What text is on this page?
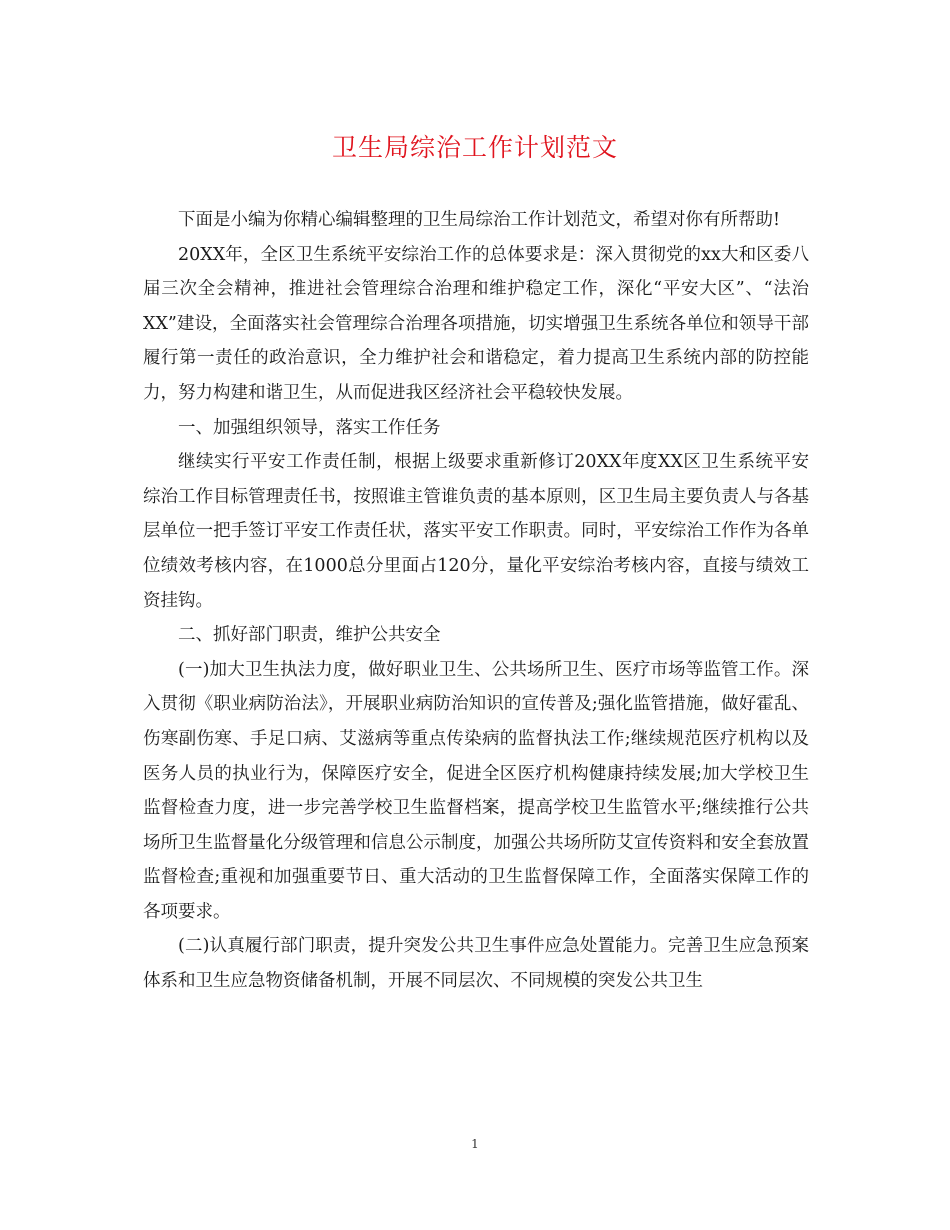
卫生局综治工作计划范文

下面是小编为你精心编辑整理的卫生局综治工作计划范文，希望对你有所帮助!

20XX年，全区卫生系统平安综治工作的总体要求是：深入贯彻党的xx大和区委八届三次全会精神，推进社会管理综合治理和维护稳定工作，深化“平安大区”、“法治XX”建设，全面落实社会管理综合治理各项措施，切实增强卫生系统各单位和领导干部履行第一责任的政治意识，全力维护社会和谐稳定，着力提高卫生系统内部的防控能力，努力构建和谐卫生，从而促进我区经济社会平稳较快发展。

一、加强组织领导，落实工作任务

继续实行平安工作责任制，根据上级要求重新修订20XX年度XX区卫生系统平安综治工作目标管理责任书，按照谁主管谁负责的基本原则，区卫生局主要负责人与各基层单位一把手签订平安工作责任状，落实平安工作职责。同时，平安综治工作作为各单位绩效考核内容，在1000总分里面占120分，量化平安综治考核内容，直接与绩效工资挂钩。

二、抓好部门职责，维护公共安全

(一)加大卫生执法力度，做好职业卫生、公共场所卫生、医疗市场等监管工作。深入贯彻《职业病防治法》，开展职业病防治知识的宣传普及;强化监管措施，做好霍乱、伤寒副伤寒、手足口病、艾滋病等重点传染病的监督执法工作;继续规范医疗机构以及医务人员的执业行为，保障医疗安全，促进全区医疗机构健康持续发展;加大学校卫生监督检查力度，进一步完善学校卫生监督档案，提高学校卫生监管水平;继续推行公共场所卫生监督量化分级管理和信息公示制度，加强公共场所防艾宣传资料和安全套放置监督检查;重视和加强重要节日、重大活动的卫生监督保障工作，全面落实保障工作的各项要求。

(二)认真履行部门职责，提升突发公共卫生事件应急处置能力。完善卫生应急预案体系和卫生应急物资储备机制，开展不同层次、不同规模的突发公共卫生

1
